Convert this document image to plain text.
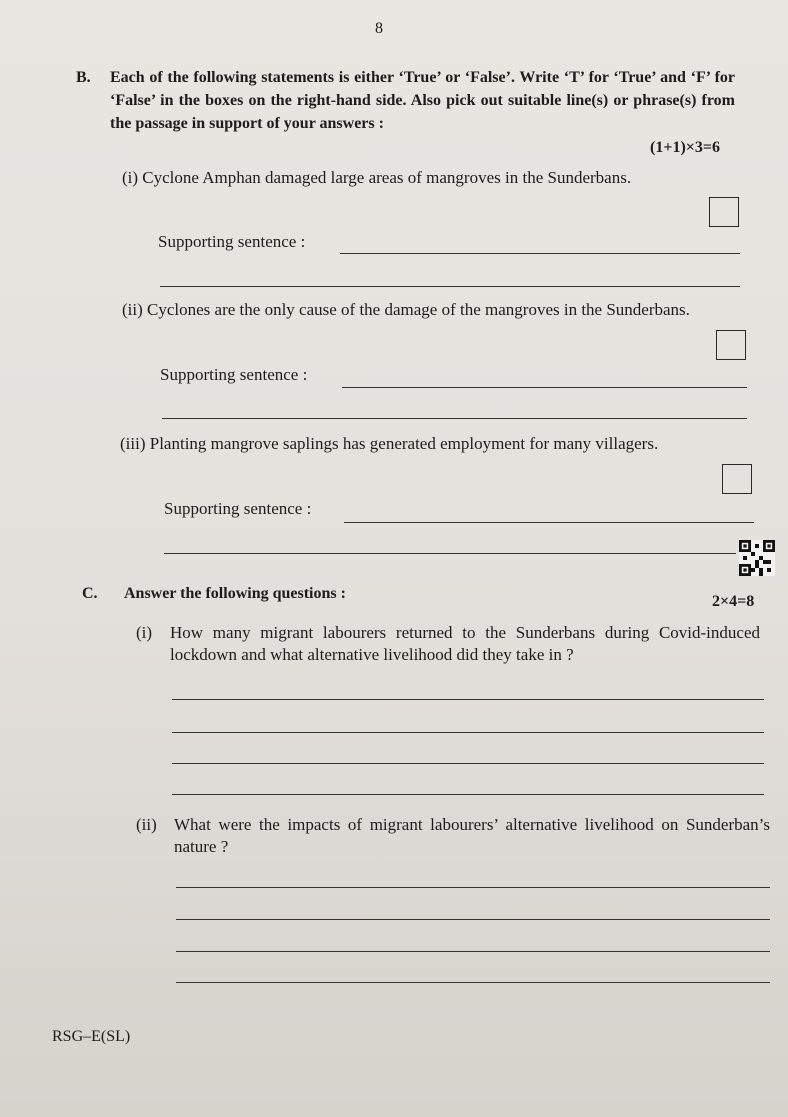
8
B. Each of the following statements is either ‘True’ or ‘False’. Write ‘T’ for ‘True’ and ‘F’ for ‘False’ in the boxes on the right-hand side. Also pick out suitable line(s) or phrase(s) from the passage in support of your answers :
(1+1)×3=6
(i) Cyclone Amphan damaged large areas of mangroves in the Sunderbans.
Supporting sentence :
(ii) Cyclones are the only cause of the damage of the mangroves in the Sunderbans.
Supporting sentence :
(iii) Planting mangrove saplings has generated employment for many villagers.
Supporting sentence :
C. Answer the following questions :	2×4=8
(i)	How many migrant labourers returned to the Sunderbans during Covid-induced lockdown and what alternative livelihood did they take in ?
(ii)	What were the impacts of migrant labourers’ alternative livelihood on Sunderban’s nature ?
RSG–E(SL)
